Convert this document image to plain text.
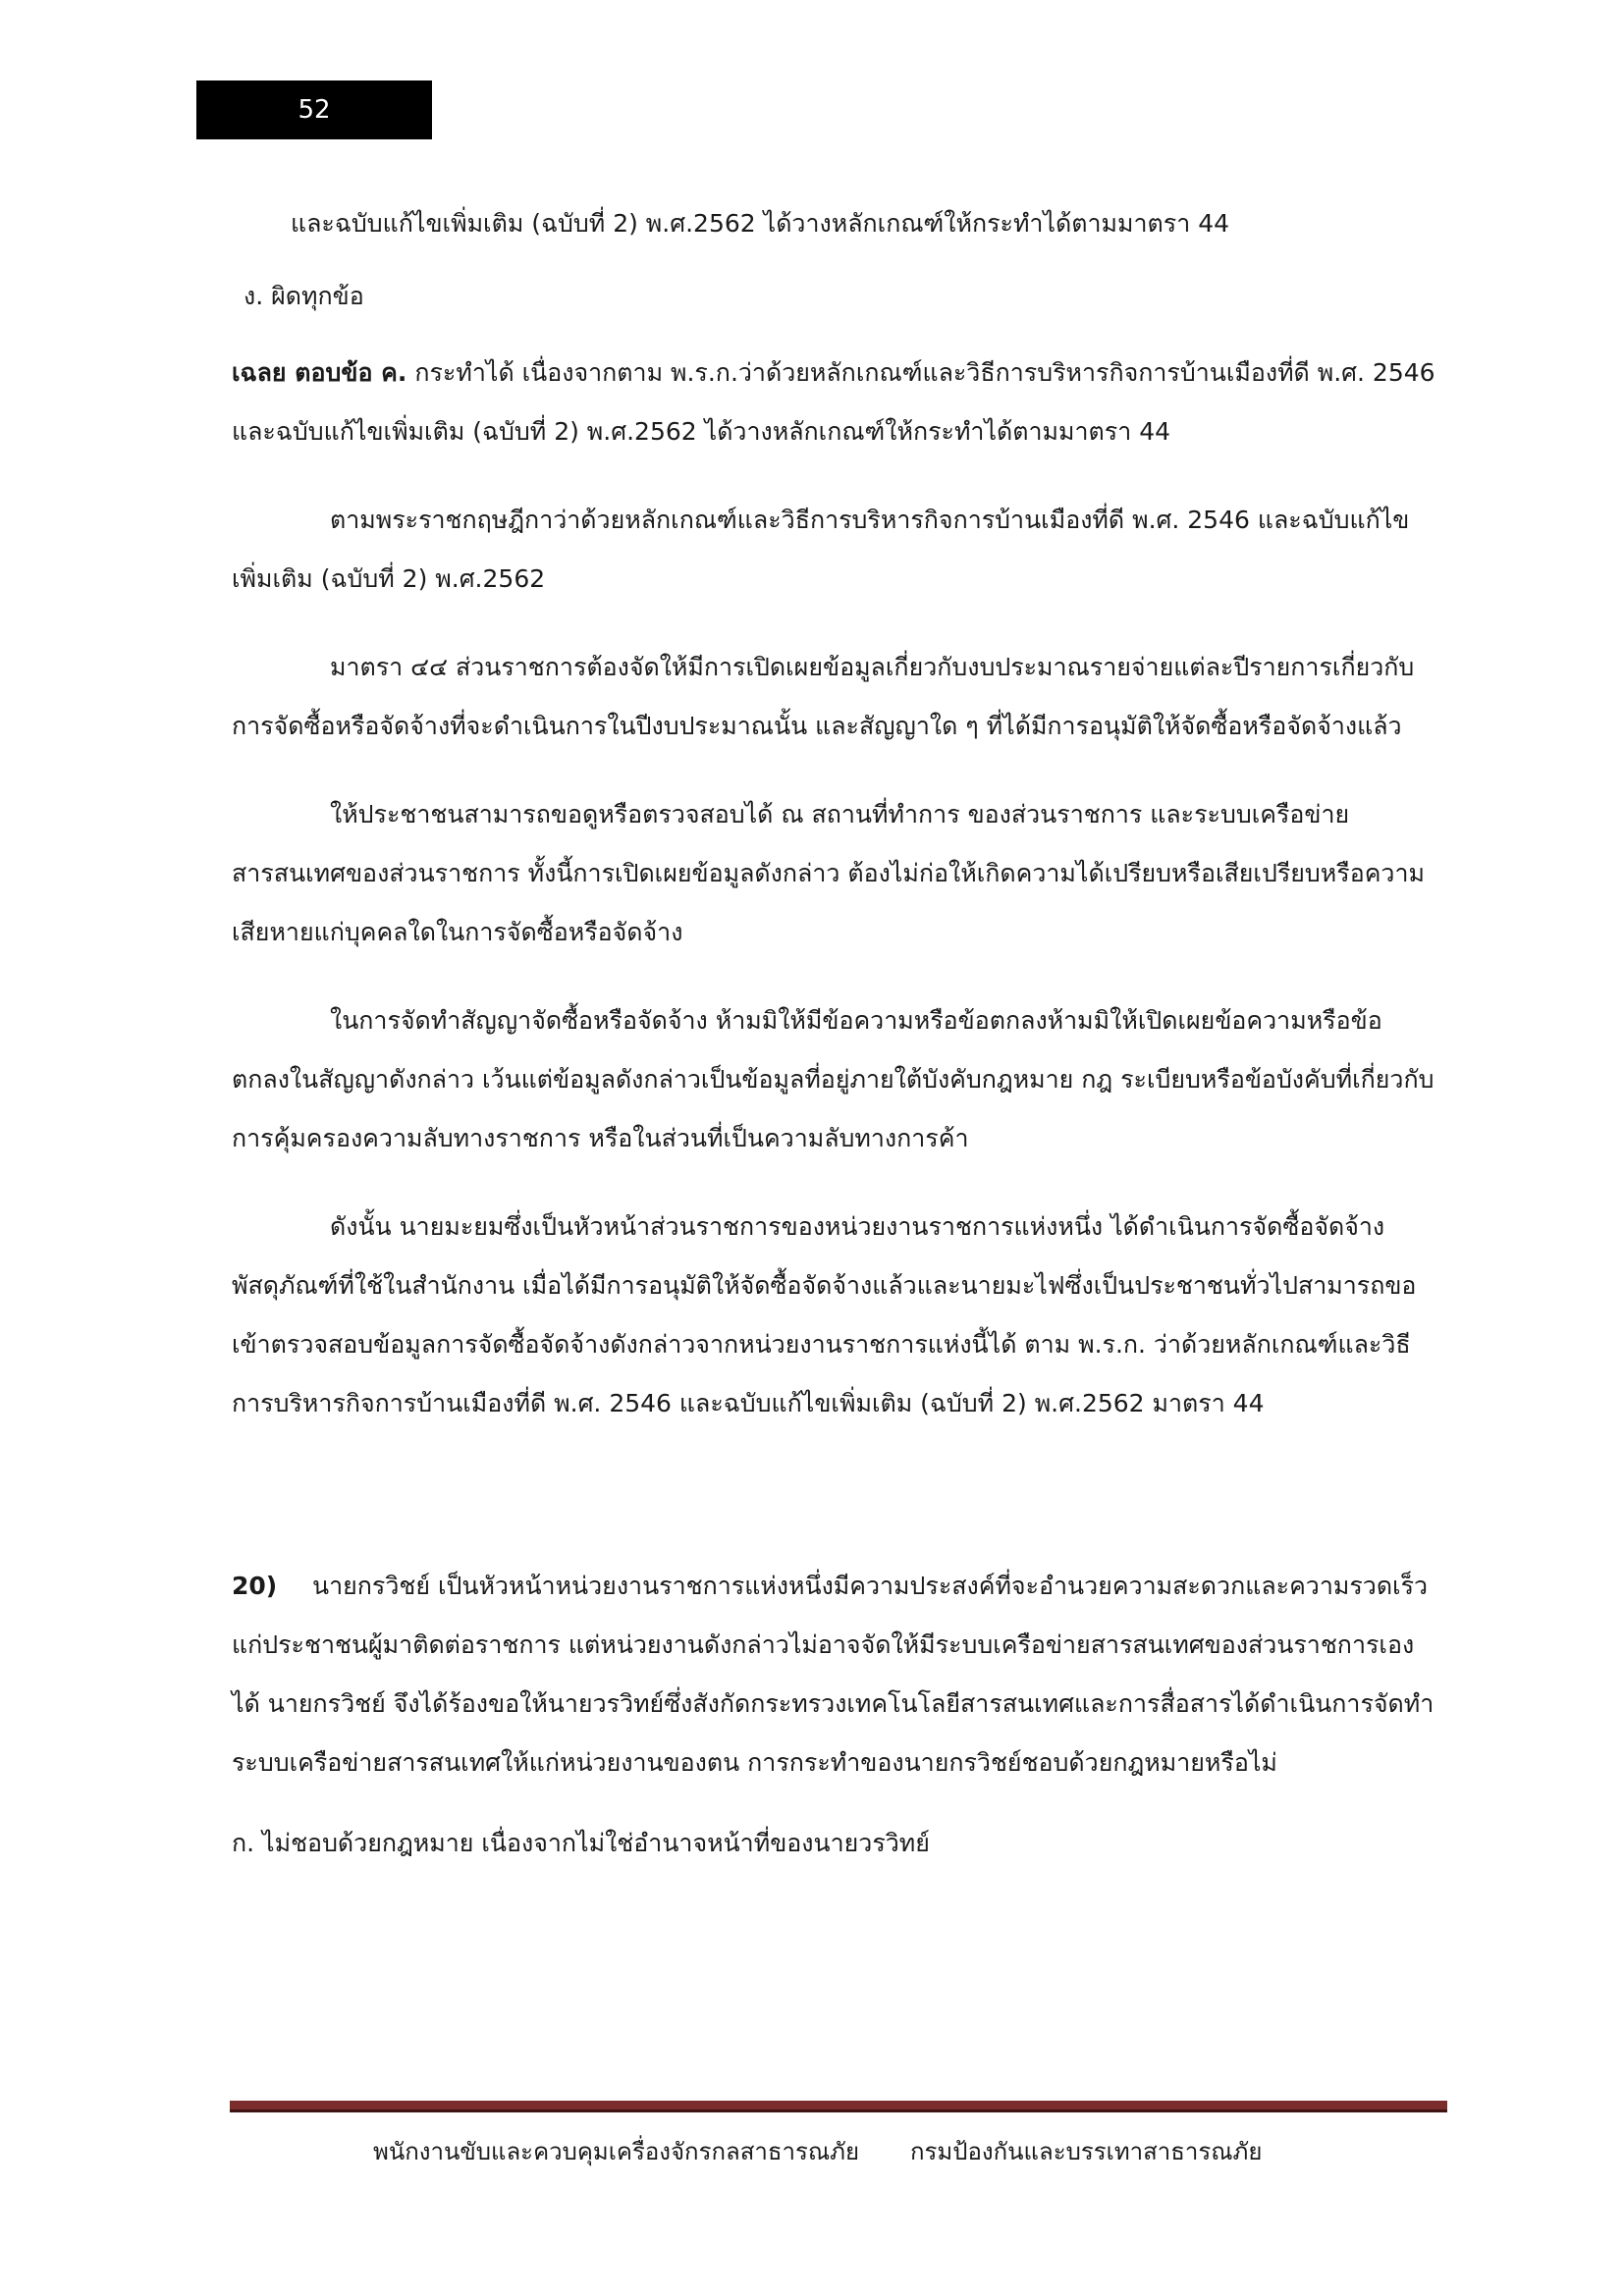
52

และฉบับแก้ไขเพิ่มเติม (ฉบับที่ 2) พ.ศ.2562 ได้วางหลักเกณฑ์ให้กระทำได้ตามมาตรา 44

ง. ผิดทุกข้อ

เฉลย ตอบข้อ ค. กระทำได้ เนื่องจากตาม พ.ร.ก.ว่าด้วยหลักเกณฑ์และวิธีการบริหารกิจการบ้านเมืองที่ดี พ.ศ. 2546 และฉบับแก้ไขเพิ่มเติม (ฉบับที่ 2) พ.ศ.2562 ได้วางหลักเกณฑ์ให้กระทำได้ตามมาตรา 44

ตามพระราชกฤษฎีกาว่าด้วยหลักเกณฑ์และวิธีการบริหารกิจการบ้านเมืองที่ดี พ.ศ. 2546 และฉบับแก้ไขเพิ่มเติม (ฉบับที่ 2) พ.ศ.2562

มาตรา ๔๔ ส่วนราชการต้องจัดให้มีการเปิดเผยข้อมูลเกี่ยวกับงบประมาณรายจ่ายแต่ละปีรายการเกี่ยวกับการจัดซื้อหรือจัดจ้างที่จะดำเนินการในปีงบประมาณนั้น และสัญญาใด ๆ ที่ได้มีการอนุมัติให้จัดซื้อหรือจัดจ้างแล้ว

ให้ประชาชนสามารถขอดูหรือตรวจสอบได้ ณ สถานที่ทำการ ของส่วนราชการ และระบบเครือข่ายสารสนเทศของส่วนราชการ ทั้งนี้การเปิดเผยข้อมูลดังกล่าว ต้องไม่ก่อให้เกิดความได้เปรียบหรือเสียเปรียบหรือความเสียหายแก่บุคคลใดในการจัดซื้อหรือจัดจ้าง

ในการจัดทำสัญญาจัดซื้อหรือจัดจ้าง ห้ามมิให้มีข้อความหรือข้อตกลงห้ามมิให้เปิดเผยข้อความหรือข้อตกลงในสัญญาดังกล่าว เว้นแต่ข้อมูลดังกล่าวเป็นข้อมูลที่อยู่ภายใต้บังคับกฎหมาย กฎ ระเบียบหรือข้อบังคับที่เกี่ยวกับการคุ้มครองความลับทางราชการ หรือในส่วนที่เป็นความลับทางการค้า

ดังนั้น นายมะยมซึ่งเป็นหัวหน้าส่วนราชการของหน่วยงานราชการแห่งหนึ่ง ได้ดำเนินการจัดซื้อจัดจ้างพัสดุภัณฑ์ที่ใช้ในสำนักงาน เมื่อได้มีการอนุมัติให้จัดซื้อจัดจ้างแล้วและนายมะไฟซึ่งเป็นประชาชนทั่วไปสามารถขอเข้าตรวจสอบข้อมูลการจัดซื้อจัดจ้างดังกล่าวจากหน่วยงานราชการแห่งนี้ได้ ตาม พ.ร.ก. ว่าด้วยหลักเกณฑ์และวิธีการบริหารกิจการบ้านเมืองที่ดี พ.ศ. 2546 และฉบับแก้ไขเพิ่มเติม (ฉบับที่ 2) พ.ศ.2562 มาตรา 44

20) นายกรวิชย์ เป็นหัวหน้าหน่วยงานราชการแห่งหนึ่งมีความประสงค์ที่จะอำนวยความสะดวกและความรวดเร็วแก่ประชาชนผู้มาติดต่อราชการ แต่หน่วยงานดังกล่าวไม่อาจจัดให้มีระบบเครือข่ายสารสนเทศของส่วนราชการเองได้ นายกรวิชย์ จึงได้ร้องขอให้นายวรวิทย์ซึ่งสังกัดกระทรวงเทคโนโลยีสารสนเทศและการสื่อสารได้ดำเนินการจัดทำระบบเครือข่ายสารสนเทศให้แก่หน่วยงานของตน การกระทำของนายกรวิชย์ชอบด้วยกฎหมายหรือไม่

ก. ไม่ชอบด้วยกฎหมาย เนื่องจากไม่ใช่อำนาจหน้าที่ของนายวรวิทย์

พนักงานขับและควบคุมเครื่องจักรกลสาธารณภัย กรมป้องกันและบรรเทาสาธารณภัย
